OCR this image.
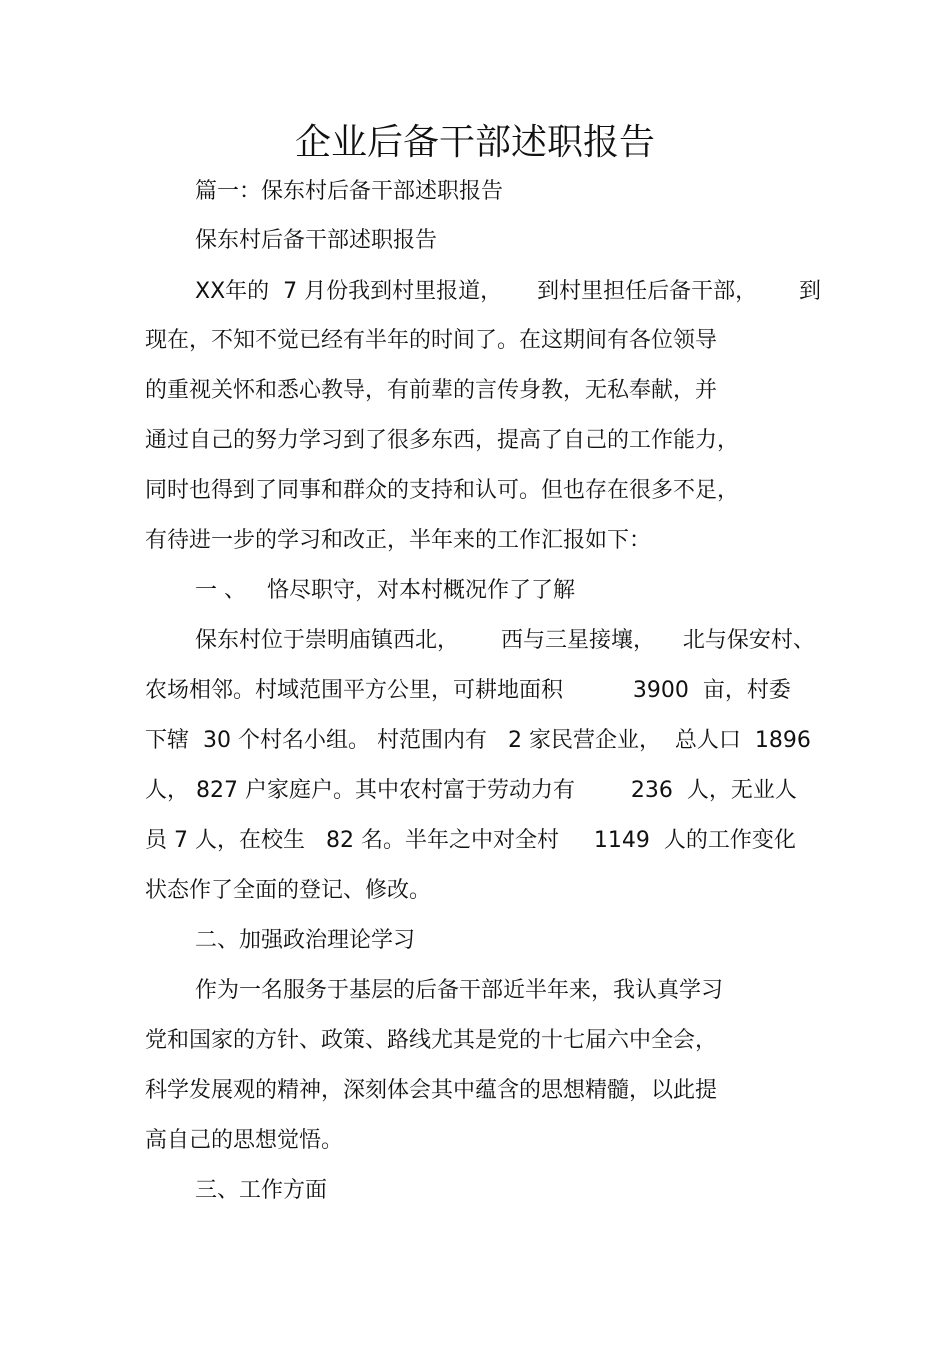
企业后备干部述职报告
篇一：保东村后备干部述职报告
保东村后备干部述职报告
XX年的  7 月份我到村里报道，     到村里担任后备干部，      到
现在，不知不觉已经有半年的时间了。在这期间有各位领导
的重视关怀和悉心教导，有前辈的言传身教，无私奉献，并
通过自己的努力学习到了很多东西，提高了自己的工作能力，
同时也得到了同事和群众的支持和认可。但也存在很多不足，
有待进一步的学习和改正，半年来的工作汇报如下：
一 、   恪尽职守，对本村概况作了了解
保东村位于崇明庙镇西北，      西与三星接壤，    北与保安村、
农场相邻。村域范围平方公里，可耕地面积          3900  亩，村委
下辖  30 个村名小组。 村范围内有   2 家民营企业，  总人口  1896
人， 827 户家庭户。其中农村富于劳动力有        236  人，无业人
员 7 人，在校生   82 名。半年之中对全村     1149  人的工作变化
状态作了全面的登记、修改。
二、加强政治理论学习
作为一名服务于基层的后备干部近半年来，我认真学习
党和国家的方针、政策、路线尤其是党的十七届六中全会，
科学发展观的精神，深刻体会其中蕴含的思想精髓，以此提
高自己的思想觉悟。
三、工作方面
